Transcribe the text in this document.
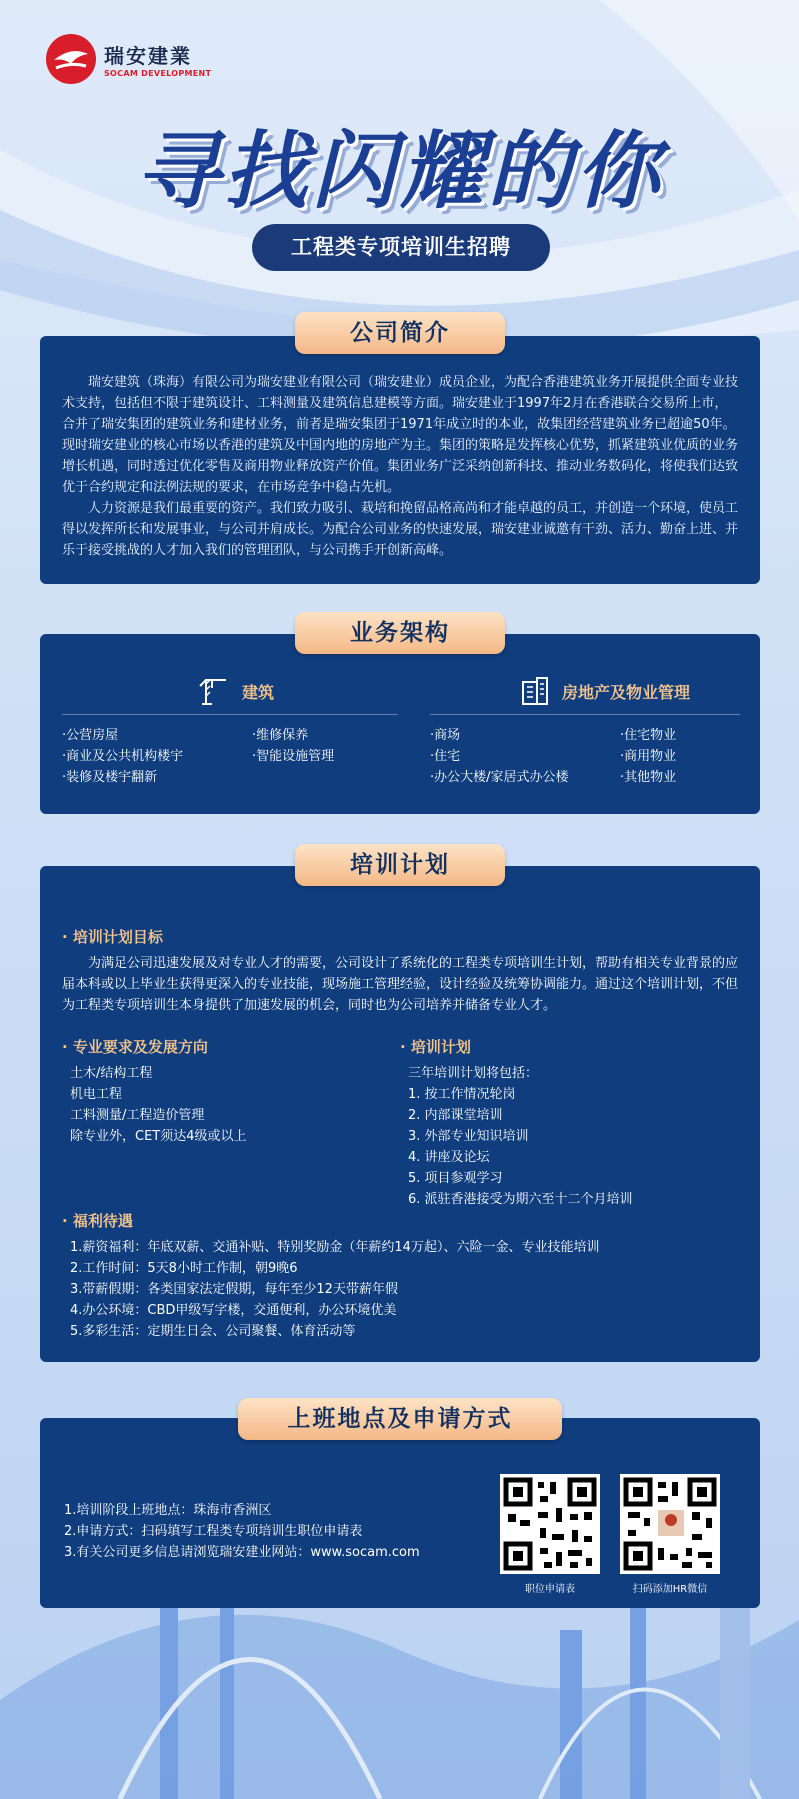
瑞安建業
SOCAM DEVELOPMENT
寻找闪耀的你
工程类专项培训生招聘
公司简介

瑞安建筑（珠海）有限公司为瑞安建业有限公司（瑞安建业）成员企业，为配合香港建筑业务开展提供全面专业技术支持，包括但不限于建筑设计、工料测量及建筑信息建模等方面。瑞安建业于1997年2月在香港联合交易所上市，合并了瑞安集团的建筑业务和建材业务，前者是瑞安集团于1971年成立时的本业，故集团经营建筑业务已超逾50年。现时瑞安建业的核心市场以香港的建筑及中国内地的房地产为主。集团的策略是发挥核心优势，抓紧建筑业优质的业务增长机遇，同时透过优化零售及商用物业释放资产价值。集团业务广泛采纳创新科技、推动业务数码化，将使我们达致优于合约规定和法例法规的要求，在市场竞争中稳占先机。

人力资源是我们最重要的资产。我们致力吸引、栽培和挽留品格高尚和才能卓越的员工，并创造一个环境，使员工得以发挥所长和发展事业，与公司并肩成长。为配合公司业务的快速发展，瑞安建业诚邀有干劲、活力、勤奋上进、并乐于接受挑战的人才加入我们的管理团队，与公司携手开创新高峰。

业务架构
建筑
·公营房屋
·商业及公共机构楼宇
·装修及楼宇翻新
·维修保养
·智能设施管理
房地产及物业管理
·商场
·住宅
·办公大楼/家居式办公楼
·住宅物业
·商用物业
·其他物业
培训计划
· 培训计划目标

为满足公司迅速发展及对专业人才的需要，公司设计了系统化的工程类专项培训生计划，帮助有相关专业背景的应届本科或以上毕业生获得更深入的专业技能，现场施工管理经验，设计经验及统筹协调能力。通过这个培训计划，不但为工程类专项培训生本身提供了加速发展的机会，同时也为公司培养并储备专业人才。

· 专业要求及发展方向
土木/结构工程
机电工程
工料测量/工程造价管理
除专业外，CET须达4级或以上
· 培训计划
三年培训计划将包括：
1. 按工作情况轮岗
2. 内部课堂培训
3. 外部专业知识培训
4. 讲座及论坛
5. 项目参观学习
6. 派驻香港接受为期六至十二个月培训
· 福利待遇
1.薪资福利：年底双薪、交通补贴、特别奖励金（年薪约14万起）、六险一金、专业技能培训
2.工作时间：5天8小时工作制，朝9晚6
3.带薪假期：各类国家法定假期，每年至少12天带薪年假
4.办公环境：CBD甲级写字楼，交通便利，办公环境优美
5.多彩生活：定期生日会、公司聚餐、体育活动等
上班地点及申请方式
1.培训阶段上班地点：珠海市香洲区
2.申请方式：扫码填写工程类专项培训生职位申请表
3.有关公司更多信息请浏览瑞安建业网站：www.socam.com
职位申请表	扫码添加HR微信
